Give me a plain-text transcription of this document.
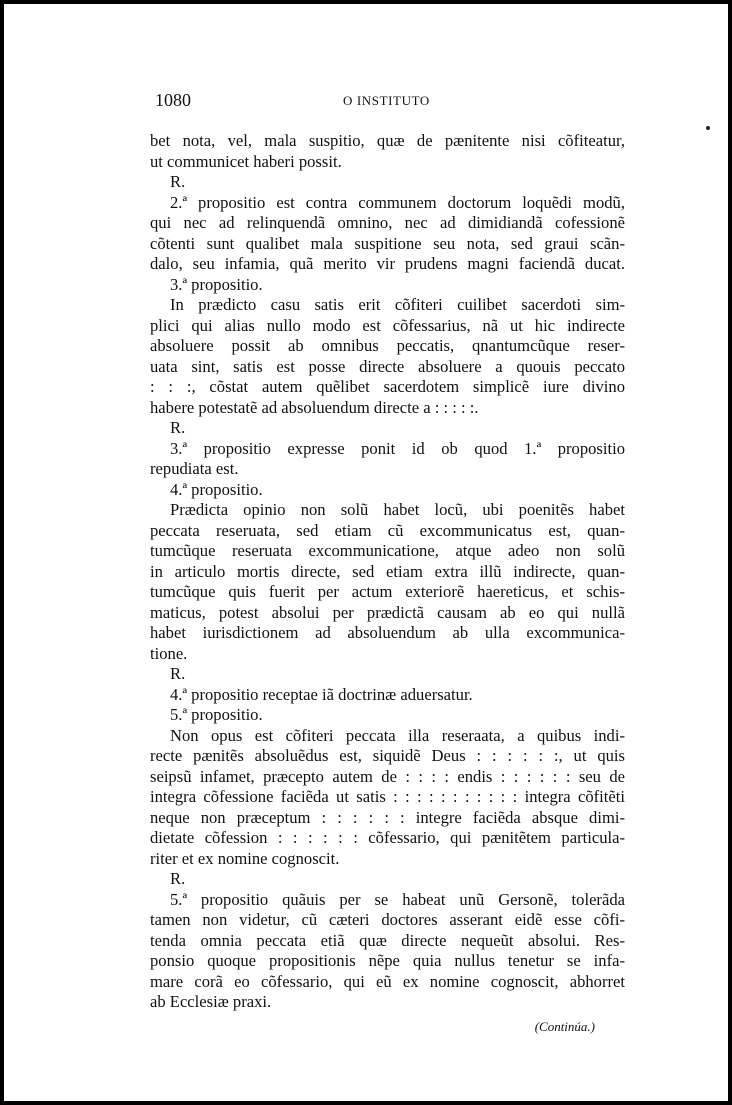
1080	O INSTITUTO
bet nota, vel, mala suspitio, quæ de pænitente nisi cõfiteatur,
ut communicet haberi possit.
R.
2.ª propositio est contra communem doctorum loquẽdi modũ,
qui nec ad relinquendã omnino, nec ad dimidiandã cofessionẽ
cõtenti sunt qualibet mala suspitione seu nota, sed graui scãn-
dalo, seu infamia, quã merito vir prudens magni faciendã ducat.
3.ª propositio.
In prædicto casu satis erit cõfiteri cuilibet sacerdoti sim-
plici qui alias nullo modo est cõfessarius, nã ut hic indirecte
absoluere possit ab omnibus peccatis, qnantumcũque reser-
uata sint, satis est posse directe absoluere a quouis peccato
: : :, cõstat autem quẽlibet sacerdotem simplicẽ iure divino
habere potestatẽ ad absoluendum directe a : : : : :.
R.
3.ª propositio expresse ponit id ob quod 1.ª propositio
repudiata est.
4.ª propositio.
Prædicta opinio non solũ habet locũ, ubi poenitẽs habet
peccata reseruata, sed etiam cũ excommunicatus est, quan-
tumcũque reseruata excommunicatione, atque adeo non solũ
in articulo mortis directe, sed etiam extra illũ indirecte, quan-
tumcũque quis fuerit per actum exteriorẽ haereticus, et schis-
maticus, potest absolui per prædictã causam ab eo qui nullã
habet iurisdictionem ad absoluendum ab ulla excommunica-
tione.
R.
4.ª propositio receptae iã doctrinæ aduersatur.
5.ª propositio.
Non opus est cõfiteri peccata illa reseraata, a quibus indi-
recte pænitẽs absoluẽdus est, siquidẽ Deus : : : : : :, ut quis
seipsũ infamet, præcepto autem de : : : : endis : : : : : : seu de
integra cõfessione faciẽda ut satis : : : : : : : : : : : integra cõfitẽti
neque non præceptum : : : : : : integre faciẽda absque dimi-
dietate cõfession : : : : : : cõfessario, qui pænitẽtem particula-
riter et ex nomine cognoscit.
R.
5.ª propositio quãuis per se habeat unũ Gersonẽ, tolerãda
tamen non videtur, cũ cæteri doctores asserant eidẽ esse cõfi-
tenda omnia peccata etiã quæ directe nequeũt absolui. Res-
ponsio quoque propositionis nẽpe quia nullus tenetur se infa-
mare corã eo cõfessario, qui eũ ex nomine cognoscit, abhorret
ab Ecclesiæ praxi.
(Continúa.)
